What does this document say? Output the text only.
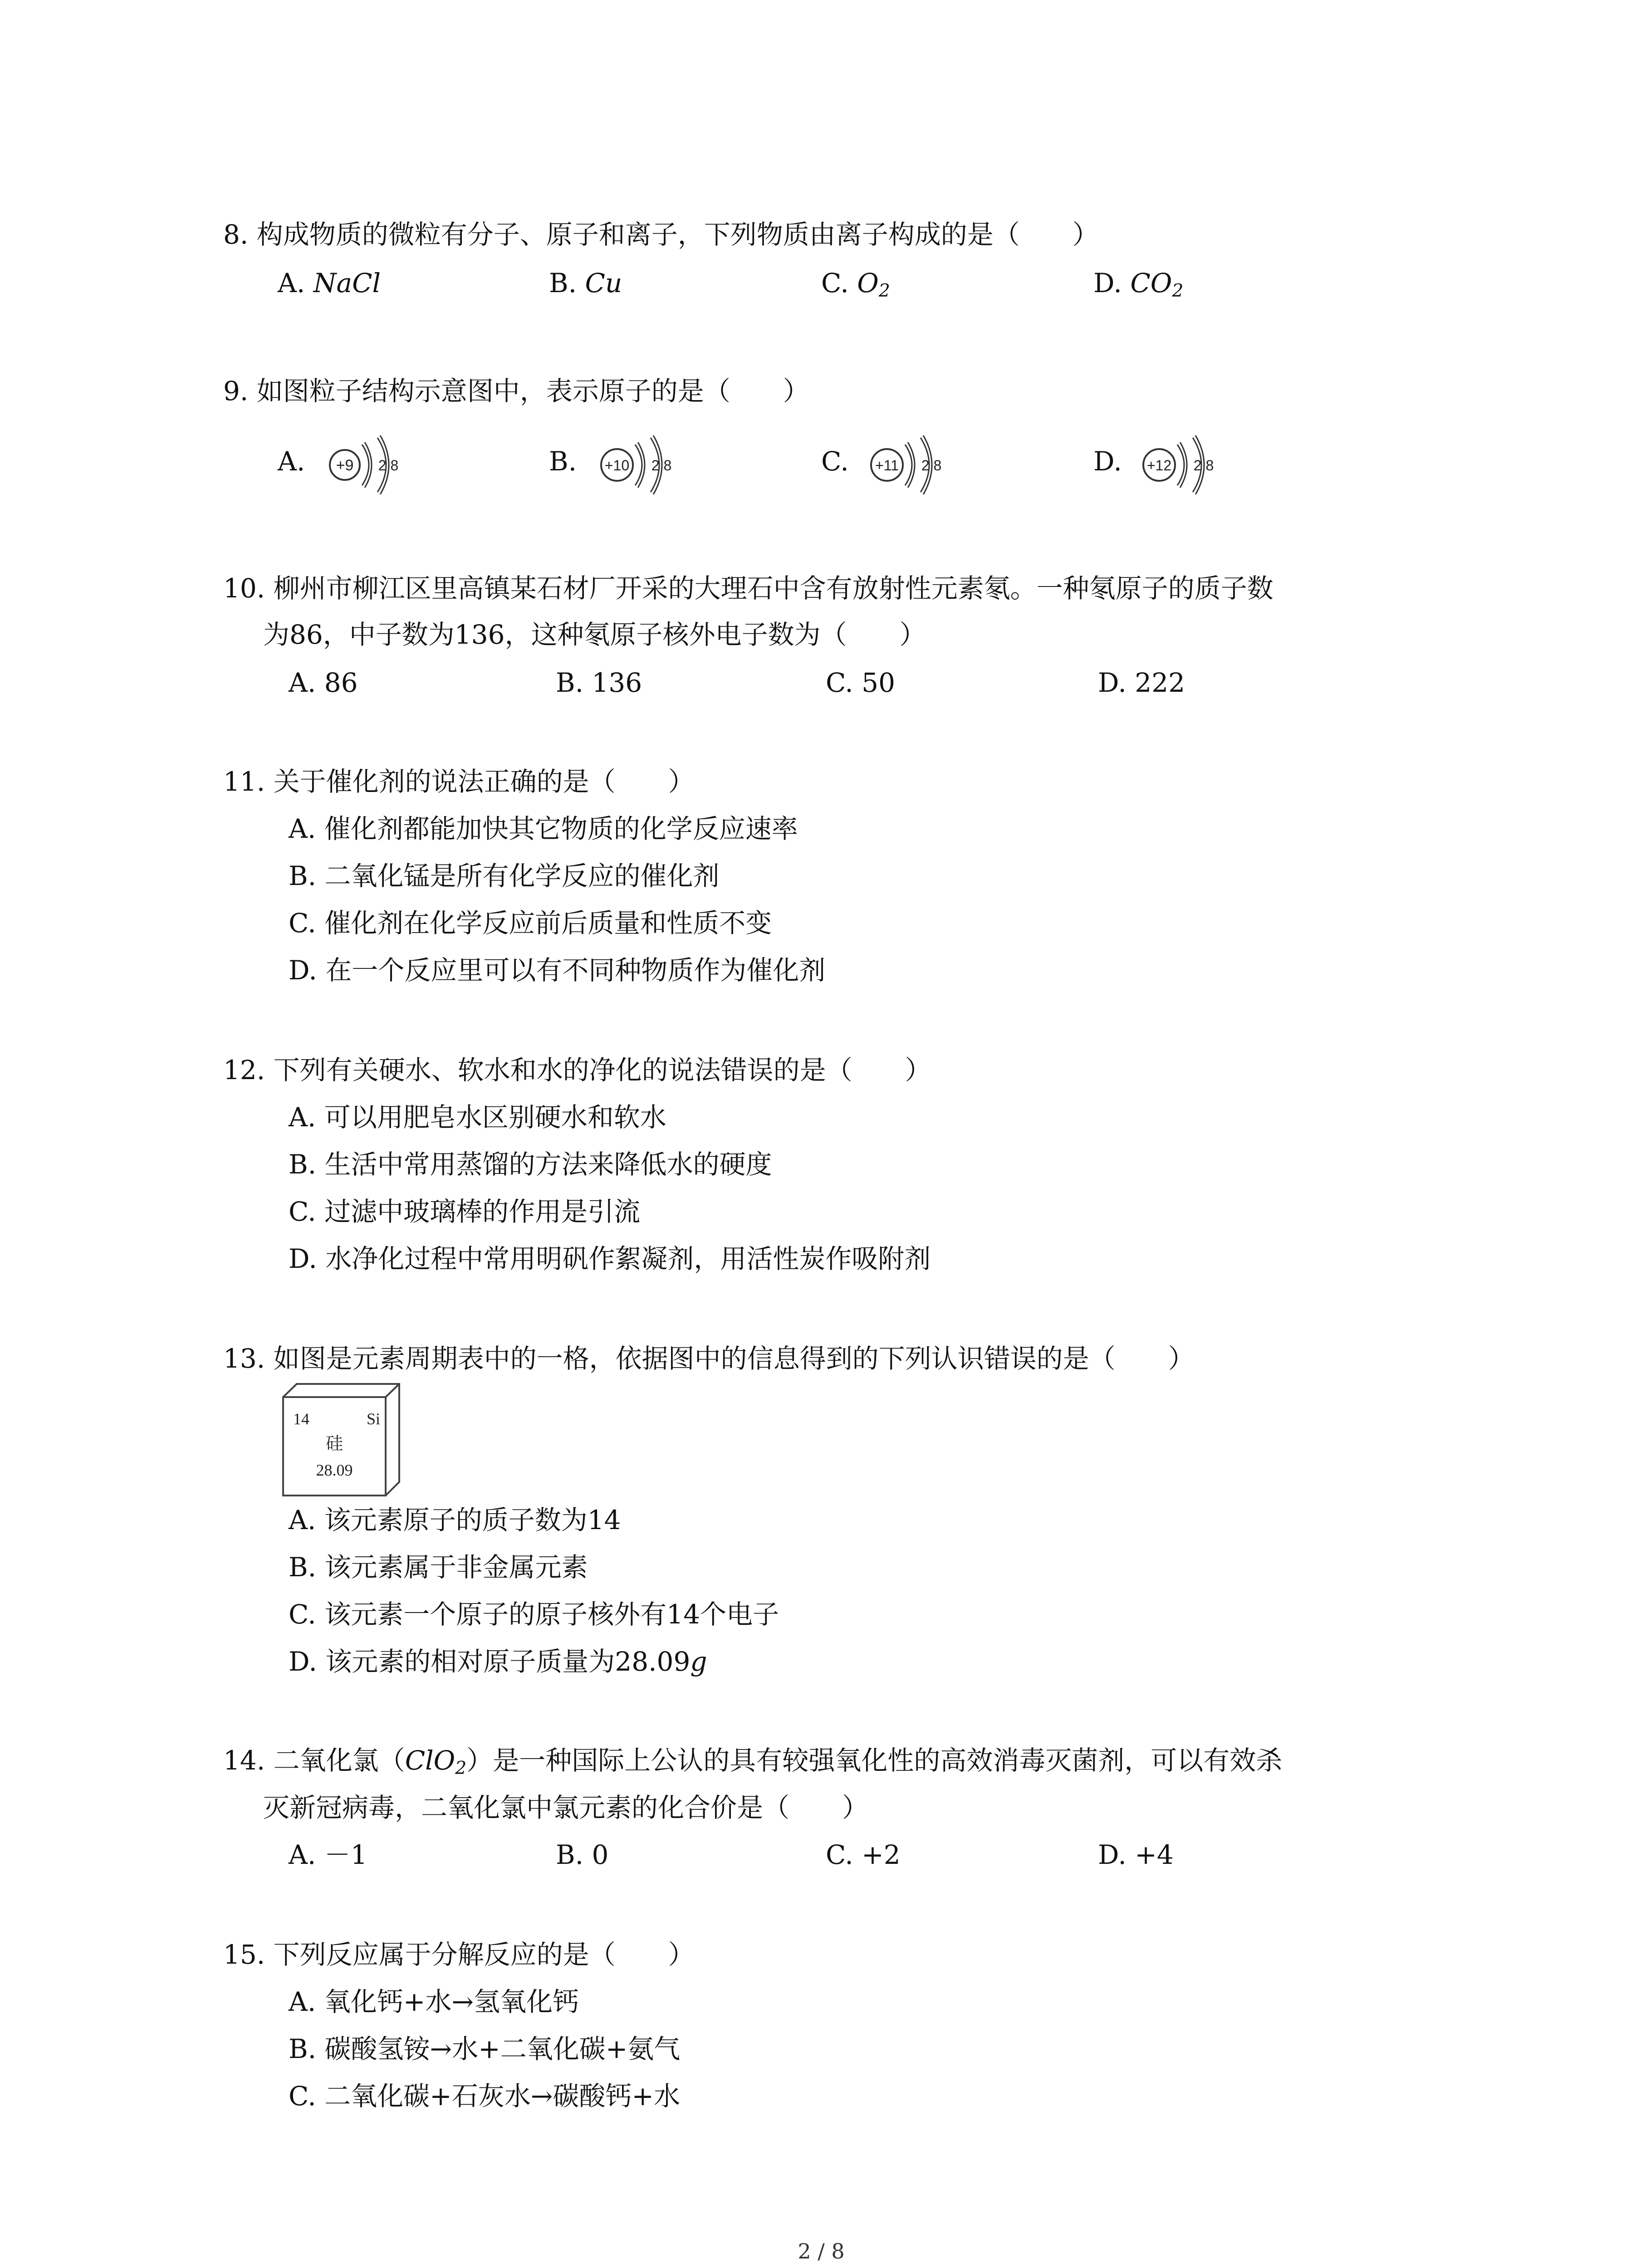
8. 构成物质的微粒有分子、原子和离子，下列物质由离子构成的是（　　）
A. NaCl	B. Cu	C. $O_2$	D. $CO_2$
9. 如图粒子结构示意图中，表示原子的是（　　）
A. +9 2 8	B. +10 2 8	C. +11 2 8	D. +12 2 8
10. 柳州市柳江区里高镇某石材厂开采的大理石中含有放射性元素氡。一种氡原子的质子数
为86，中子数为136，这种氡原子核外电子数为（　　）
A. 86	B. 136	C. 50	D. 222
11. 关于催化剂的说法正确的是（　　）
A. 催化剂都能加快其它物质的化学反应速率
B. 二氧化锰是所有化学反应的催化剂
C. 催化剂在化学反应前后质量和性质不变
D. 在一个反应里可以有不同种物质作为催化剂
12. 下列有关硬水、软水和水的净化的说法错误的是（　　）
A. 可以用肥皂水区别硬水和软水
B. 生活中常用蒸馏的方法来降低水的硬度
C. 过滤中玻璃棒的作用是引流
D. 水净化过程中常用明矾作絮凝剂，用活性炭作吸附剂
13. 如图是元素周期表中的一格，依据图中的信息得到的下列认识错误的是（　　）
14	Si
硅
28.09
A. 该元素原子的质子数为14
B. 该元素属于非金属元素
C. 该元素一个原子的原子核外有14个电子
D. 该元素的相对原子质量为28.09g
14. 二氧化氯（ClO$_2$）是一种国际上公认的具有较强氧化性的高效消毒灭菌剂，可以有效杀
灭新冠病毒，二氧化氯中氯元素的化合价是（　　）
A. －1	B. 0	C. +2	D. +4
15. 下列反应属于分解反应的是（　　）
A. 氧化钙+水→氢氧化钙
B. 碳酸氢铵→水+二氧化碳+氨气
C. 二氧化碳+石灰水→碳酸钙+水
2 / 8
